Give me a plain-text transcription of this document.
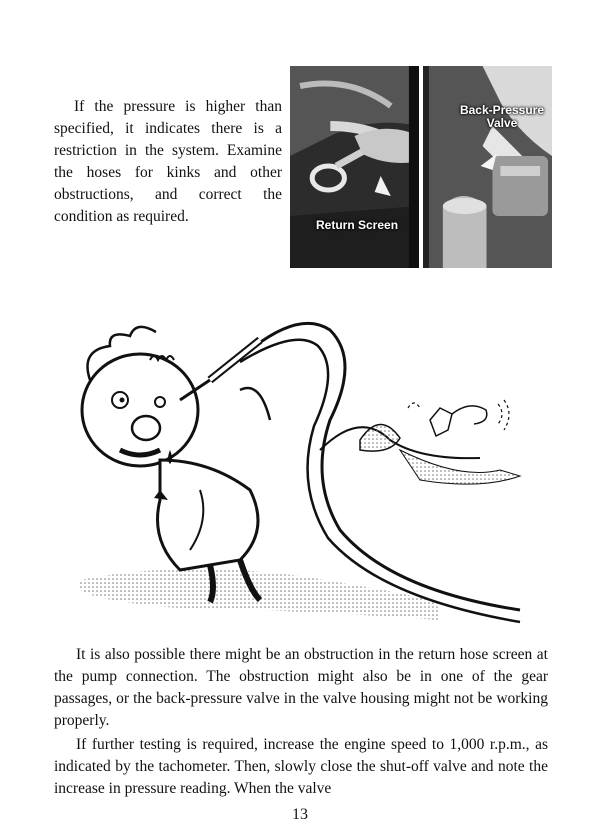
If the pressure is higher than specified, it indicates there is a restriction in the system. Examine the hoses for kinks and other obstructions, and correct the condition as required.	Return Screen
Back-Pressure
Valve

It is also possible there might be an obstruction in the return hose screen at the pump connection. The obstruction might also be in one of the gear passages, or the back-pressure valve in the valve housing might not be working properly.

If further testing is required, increase the engine speed to 1,000 r.p.m., as indicated by the tachometer. Then, slowly close the shut-off valve and note the increase in pressure reading. When the valve

13
